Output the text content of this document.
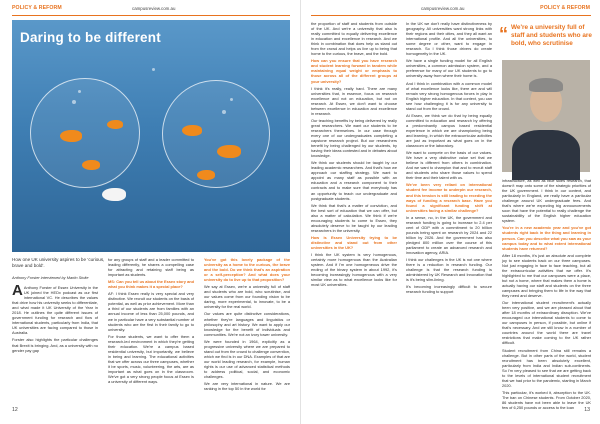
POLICY & REFORM	campusreview.com.au
Daring to be different
How one UK university aspires to be ‘curious, brave and bold’.
Anthony Forster interviewed by Martin Stolte

A Anthony Forster of Essex University in the UK joined the HEDx podcast as our first international VC. He describes the values that drive how his university seeks to differentiate, and what made it UK University of the Year in 2018. He outlines the quite different issues of government funding for research and flow of international students, particularly from India, that UK universities are facing compared to those in Australia.

Forster also highlights the particular challenges that Brexit is bringing. And, as a university with no gender pay gap

for any groups of staff and a leader committed to leading differently, he shares a compelling case for attracting and retaining staff being as important as students.

MS: Can you tell us about the Essex story and what you think makes it a special place?

AF: I think Essex really is very special and very distinctive. We recruit our students on the basis of potential, as well as prior achievement. More than a third of our students are from families with an annual income of less than 25,000 pounds, and we in particular have a very substantial number of students who are the first in their family to go to university.

For those students, we want to offer them a research-led environment in which they're getting their education. We're a campus based residential university, but importantly, we believe in being and learning. The educational activities that we offer across our three campuses, whether it be sports, music, volunteering, the arts, are as important as what goes on in the classroom. We've got a very strong people focus at Essex is a university of different ways.

You've got this lovely package of the university as a home to the curious, the brave and the bold. Do we think that's an aspiration or a self-perception? And what does your university do to live up to that proposition?

We say at Essex, we're a university full of staff and students who are bold, who scrutinise, and our values come from our founding vision to be daring, more experimental, to innovate, to be a university for the real world.

Our values are quite distinctive considerations, whether they're languages and linguistics or philosophy and art history. We want to apply our knowledge for the benefit of individuals and communities. We're not an ivory tower university.

We were founded in 1964, explicitly as a progressive university where we are prepared to stand out from the crowd to challenge convention, which we find is in our DNA. Examples of that are our world leading research, for example, human rights is our use of advanced statistical methods to address political, social, and economic challenges.

We are very international in nature. We are ranking in the top 50 in the world for

12
campusreview.com.au	POLICY & REFORM

the proportion of staff and students from outside of the UK. And we're a university that also is really committed to equally delivering excellence in education and excellence in research. And we think in combination that does help us stand out from the crowd and helps us live up to being that home to the curious, the brave, and the bold.

How can you ensure that you have research and student learning forward in tandem while maintaining equal weight or emphasis to those across all of the different groups at your university?

I think it's really, really hard. There are many universities that, in essence, focus on research excellence and not on education, but not on research. At Essex, we don't want to choose between excellence in education and excellence in research.

Our teaching benefits by being delivered by really great researchers. We want our students to be researchers themselves. In our case through every one of our undergraduates completing a capstone research project. But our researchers benefit by being challenged by our students, by having their ideas contested and in debates about knowledge.

We think our students should be taught by our leading academic researchers. And that's how we approach our staffing strategy. We want to appoint as many staff as possible with an education and a research component to their contracts and to make sure that everybody has an opportunity to teach our undergraduate and postgraduate students.

We think that that's a matter of conviction, and the best sort of education that we can offer, but also a matter of calculation. We think if we're encouraging students to come to Essex, they absolutely deserve to be taught by our leading researchers in the university.

How is Essex University trying to be distinctive and stand out from other universities in the UK?

I think the UK system is very homogenous, certainly more homogenous than the Australian system. And if I'm one homogeneous drive the ending of the binary system in about 1992, it's becoming increasingly homogenous with a very similar view as to what excellence looks like for most UK universities.

In the UK we don't really have distinctiveness by geography. All universities want strong links with their regions and their cities, and they all want an international profile. And all the universities, to some degree or other, want to engage in research. So I think those drivers do create homogeneity in the UK.

We have a single funding model for all English universities, a common admission system, and a preference for many of our UK students to go to university away from where their home is.

And I think in combination with a common model of what excellence looks like, there are and will remain very strong homogenous forces in play in English higher education. In that context, you can see how challenging it is for any university to stand out from the crowd.

At Essex, we think we do that by being equally committed to education and research by offering a predominantly campus based residential experience in which we are championing being and learning, in which the extracurricular activities are just as important as what goes on in the classroom or the laboratory.

We want to compete on the basis of our values. We have a very distinctive value set that we believe is different from others in combination. And we want to champion that and to recruit staff and students who share those values to spend their time and their talent with us.

We've been very reliant on international student fee income to underpin our research, and this tension is still leading to receding the ways of funding a research base. Have you found a significant funding shift at universities facing a similar challenge?

In a sense, no, in the UK, the government and research funding is going to increase to 2.4 per cent of GDP with a commitment to 20 billion pounds being spent on research by 2024 and 22 billion by 2026. And the government has also pledged 800 million over the course of this parliament to create an advanced research and innovation agency, ARIA.

I think our challenges in the UK is not one where there is a reduction in research funding. Our challenge is that the research funding is administered by UK Research and Innovation that is it's being slim-lining.

It's becoming increasingly difficult to secure research funding to support

“ We're a university full of staff and students who are bold, who scrutinise

infrastructure, as well as blue skies research, that doesn't map onto some of the strategic priorities of the UK government. I think in our context, and particularly in England, we really have a particular challenge around UK undergraduate fees. And that's where we're expecting big announcements soon that have the potential to really challenge the sustainability of the English higher education system.

You're in a new academic year and you've got students right back in the thing and learning in person. Can you describe what you saw as your campus today and to what extent international students have returned?

After 18 months, it's just an absolute and complete joy to see students back on our three campuses. Not just engaging in face to face teaching, but all the extracurricular activities that we offer. It's highlighted to me that our campuses were a place, but not a home, where that makes them a home is actually having our staff and students on the three campuses and bringing them to life in the way that they need and deserve.

Our international student recruitment's actually been very positive, and we are pleased about that after 18 months of extraordinary disruption. We've encouraged our international students to come to our campuses in person, if possible, but online if that's necessary. And we still know in a number of countries around the world there are travel restrictions that make coming to the UK rather difficult.

Student recruitment from China still remains a challenge. But in other parts of the world, student recruitment has been absolutely excellent, particularly from India and Indian sub-continents. So I'm very pleased to see that we are getting back to the levels of international student recruitment that we had prior to the pandemic, starting in March 2020.

This particular, it's worked it, absorption to the UK. The ban on Chinese students. From October 2020, 86 students have not been able to leave the UK few of 6,250 pounds or access to the loan	13
